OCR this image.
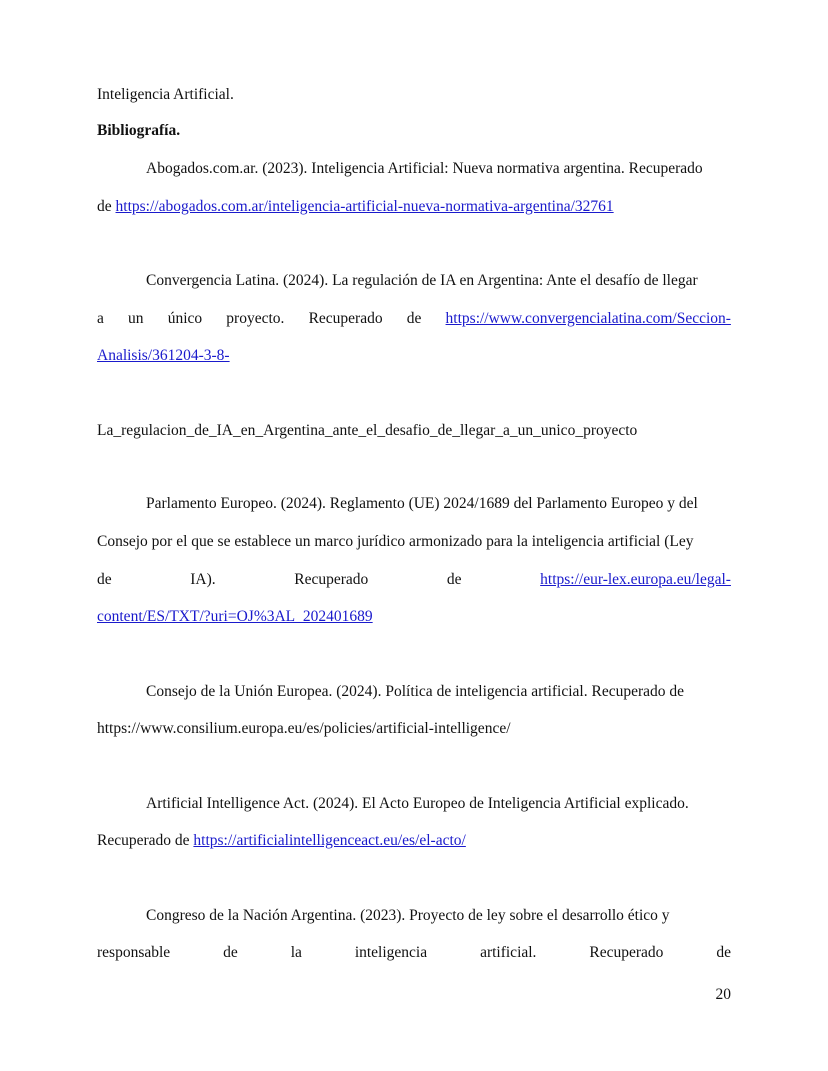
Inteligencia Artificial.
Bibliografía.
Abogados.com.ar. (2023). Inteligencia Artificial: Nueva normativa argentina. Recuperado
de https://abogados.com.ar/inteligencia-artificial-nueva-normativa-argentina/32761
Convergencia Latina. (2024). La regulación de IA en Argentina: Ante el desafío de llegar
a un único proyecto. Recuperado de https://www.convergencialatina.com/Seccion-
Analisis/361204-3-8-
La_regulacion_de_IA_en_Argentina_ante_el_desafio_de_llegar_a_un_unico_proyecto
Parlamento Europeo. (2024). Reglamento (UE) 2024/1689 del Parlamento Europeo y del
Consejo por el que se establece un marco jurídico armonizado para la inteligencia artificial (Ley
de	IA).	Recuperado	de	https://eur-lex.europa.eu/legal-
content/ES/TXT/?uri=OJ%3AL_202401689
Consejo de la Unión Europea. (2024). Política de inteligencia artificial. Recuperado de
https://www.consilium.europa.eu/es/policies/artificial-intelligence/
Artificial Intelligence Act. (2024). El Acto Europeo de Inteligencia Artificial explicado.
Recuperado de https://artificialintelligenceact.eu/es/el-acto/
Congreso de la Nación Argentina. (2023). Proyecto de ley sobre el desarrollo ético y
responsable	de	la	inteligencia	artificial.	Recuperado	de
20
